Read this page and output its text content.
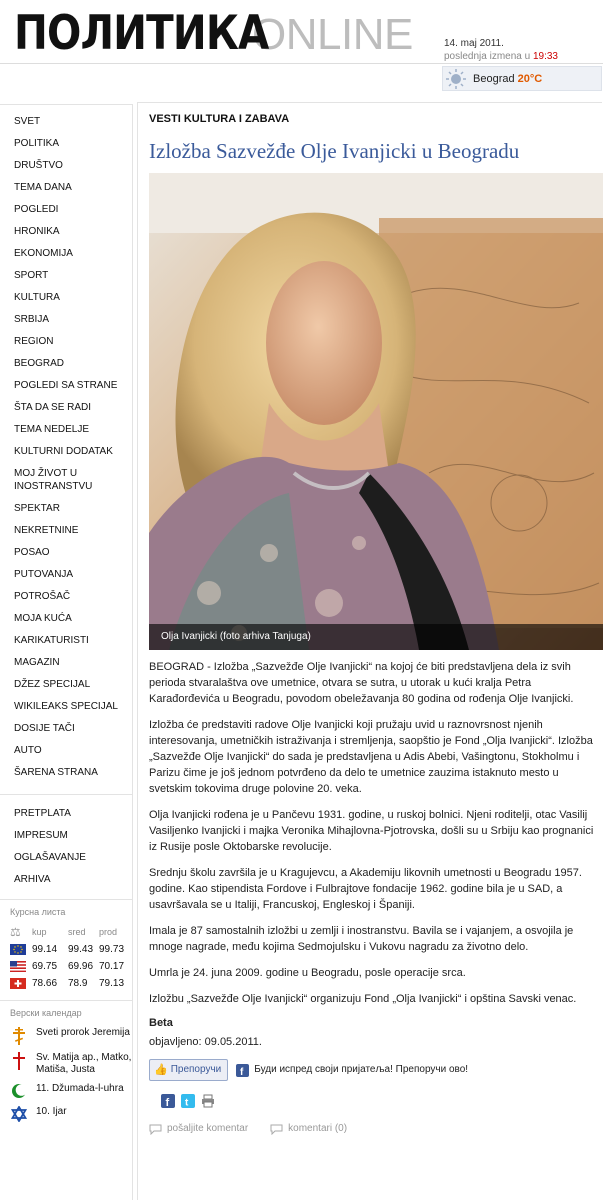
ПОЛИТИКА
ONLINE	14. maj 2011.
poslednja izmena u 19:33
Beograd 20°C
SVET
POLITIKA
DRUŠTVO
TEMA DANA
POGLEDI
HRONIKA
EKONOMIJA
SPORT
KULTURA
SRBIJA
REGION
BEOGRAD
POGLEDI SA STRANE
ŠTA DA SE RADI
TEMA NEDELJE
KULTURNI DODATAK
MOJ ŽIVOT U INOSTRANSTVU
SPEKTAR
NEKRETNINE
POSAO
PUTOVANJA
POTROŠAČ
MOJA KUĆA
KARIKATURISTI
MAGAZIN
DŽEZ SPECIJAL
WIKILEAKS SPECIJAL
DOSIJE TAČI
AUTO
ŠARENA STRANA
PRETPLATA
IMPRESUM
OGLAŠAVANJE
ARHIVA
Курсна листа
⚖	kup	sred	prod
99.14	99.43 99.73
69.75	69.96 70.17
78.66	78.9	79.13
Верски календар
Sveti prorok Jeremija
Sv. Matija ap., Matko, Matiša, Justa
11. Džumada-l-uhra
10. Ijar
VESTI KULTURA I ZABAVA
Izložba Sazvežđe Olje Ivanjicki u Beogradu
Olja Ivanjicki (foto arhiva Tanjuga)

BEOGRAD - Izložba „Sazvežđe Olje Ivanjicki“ na kojoj će biti predstavljena dela iz svih perioda stvaralaštva ove umetnice, otvara se sutra, u utorak u kući kralja Petra Karađorđevića u Beogradu, povodom obeležavanja 80 godina od rođenja Olje Ivanjicki.

Izložba će predstaviti radove Olje Ivanjicki koji pružaju uvid u raznovrsnost njenih interesovanja, umetničkih istraživanja i stremljenja, saopštio je Fond „Olja Ivanjicki“. Izložba „Sazvežđe Olje Ivanjicki“ do sada je predstavljena u Adis Abebi, Vašingtonu, Stokholmu i Parizu čime je još jednom potvrđeno da delo te umetnice zauzima istaknuto mesto u svetskim tokovima druge polovine 20. veka.

Olja Ivanjicki rođena je u Pančevu 1931. godine, u ruskoj bolnici. Njeni roditelji, otac Vasilij Vasiljenko Ivanjicki i majka Veronika Mihajlovna-Pjotrovska, došli su u Srbiju kao prognanici iz Rusije posle Oktobarske revolucije.

Srednju školu završila je u Kragujevcu, a Akademiju likovnih umetnosti u Beogradu 1957. godine. Kao stipendista Fordove i Fulbrajtove fondacije 1962. godine bila je u SAD, a usavršavala se u Italiji, Francuskoj, Engleskoj i Španiji.

Imala je 87 samostalnih izložbi u zemlji i inostranstvu. Bavila se i vajanjem, a osvojila je mnoge nagrade, među kojima Sedmojulsku i Vukovu nagradu za životno delo.

Umrla je 24. juna 2009. godine u Beogradu, posle operacije srca.

Izložbu „Sazvežđe Olje Ivanjicki“ organizuju Fond „Olja Ivanjicki“ i opština Savski venac.

Beta
objavljeno: 09.05.2011.
👍 Препоручи f Буди испред своји пријатеља! Препоручи ово!
f t
pošaljite komentar	komentari (0)
